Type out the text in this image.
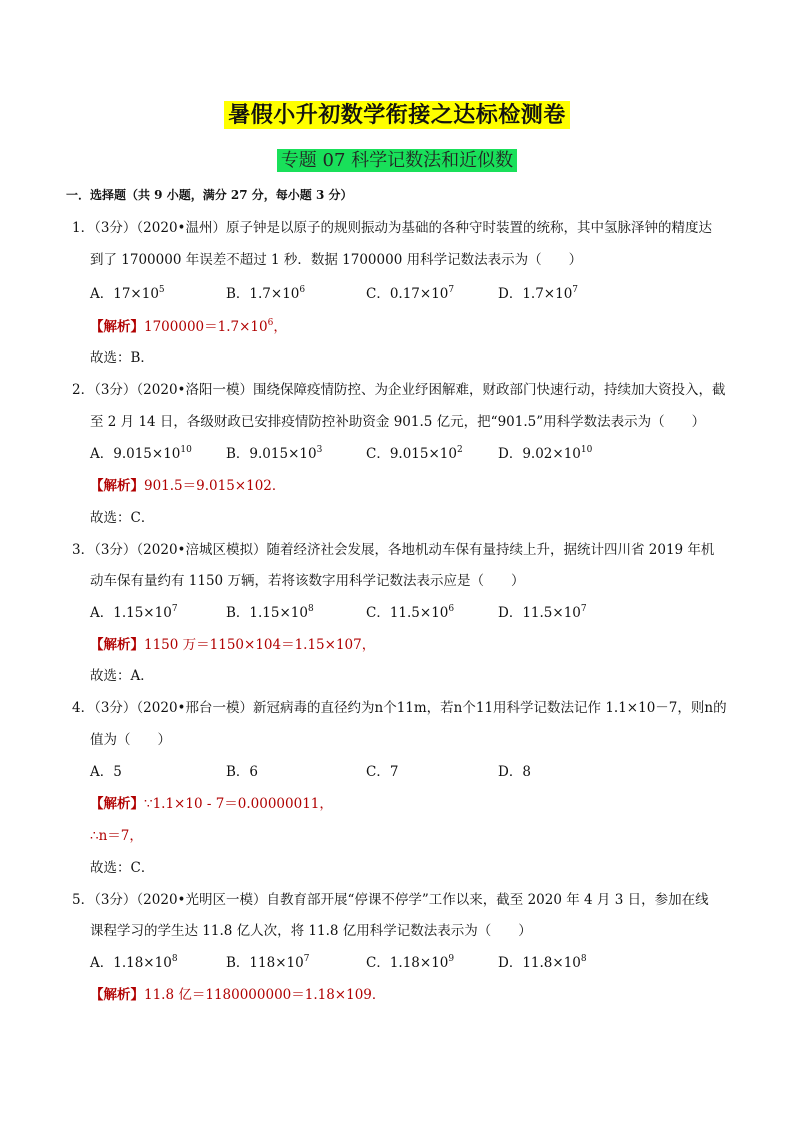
暑假小升初数学衔接之达标检测卷
专题 07 科学记数法和近似数
一．选择题（共 9 小题，满分 27 分，每小题 3 分）
1．（3分）（2020•温州）原子钟是以原子的规则振动为基础的各种守时装置的统称，其中氢脉泽钟的精度达
到了 1700000 年误差不超过 1 秒．数据 1700000 用科学记数法表示为（　　）
A．$17\times 10^5$	B．$1.7\times 10^6$	C．$0.17\times 10^7$	D．$1.7\times 10^7$
【解析】$1700000=1.7\times 10^6$，
故选：B．
2．（3分）（2020•洛阳一模）围绕保障疫情防控、为企业纾困解难，财政部门快速行动，持续加大资投入，截
至 2 月 14 日，各级财政已安排疫情防控补助资金 901.5 亿元，把“901.5”用科学数法表示为（　　）
A．$9.015\times 10^{10}$	B．$9.015\times 10^3$	C．$9.015\times 10^2$	D．$9.02\times 10^{10}$
【解析】901.5＝9.015×102．
故选：C．
3．（3分）（2020•涪城区模拟）随着经济社会发展，各地机动车保有量持续上升，据统计四川省 2019 年机
动车保有量约有 1150 万辆，若将该数字用科学记数法表示应是（　　）
A．$1.15\times 10^7$	B．$1.15\times 10^8$	C．$11.5\times 10^6$	D．$11.5\times 10^7$
【解析】1150 万＝1150×104＝1.15×107，
故选：A．
4．（3分）（2020•邢台一模）新冠病毒的直径约为n个11m，若n个11用科学记数法记作 1.1×10－7，则n的
值为（　　）
A．5	B．6	C．7	D．8
【解析】∵1.1×10 - 7＝0.00000011，
∴n＝7，
故选：C．
5．（3分）（2020•光明区一模）自教育部开展“停课不停学”工作以来，截至 2020 年 4 月 3 日，参加在线
课程学习的学生达 11.8 亿人次，将 11.8 亿用科学记数法表示为（　　）
A．$1.18\times 10^8$	B．$118\times 10^7$	C．$1.18\times 10^9$	D．$11.8\times 10^8$
【解析】11.8 亿＝1180000000＝1.18×109．
